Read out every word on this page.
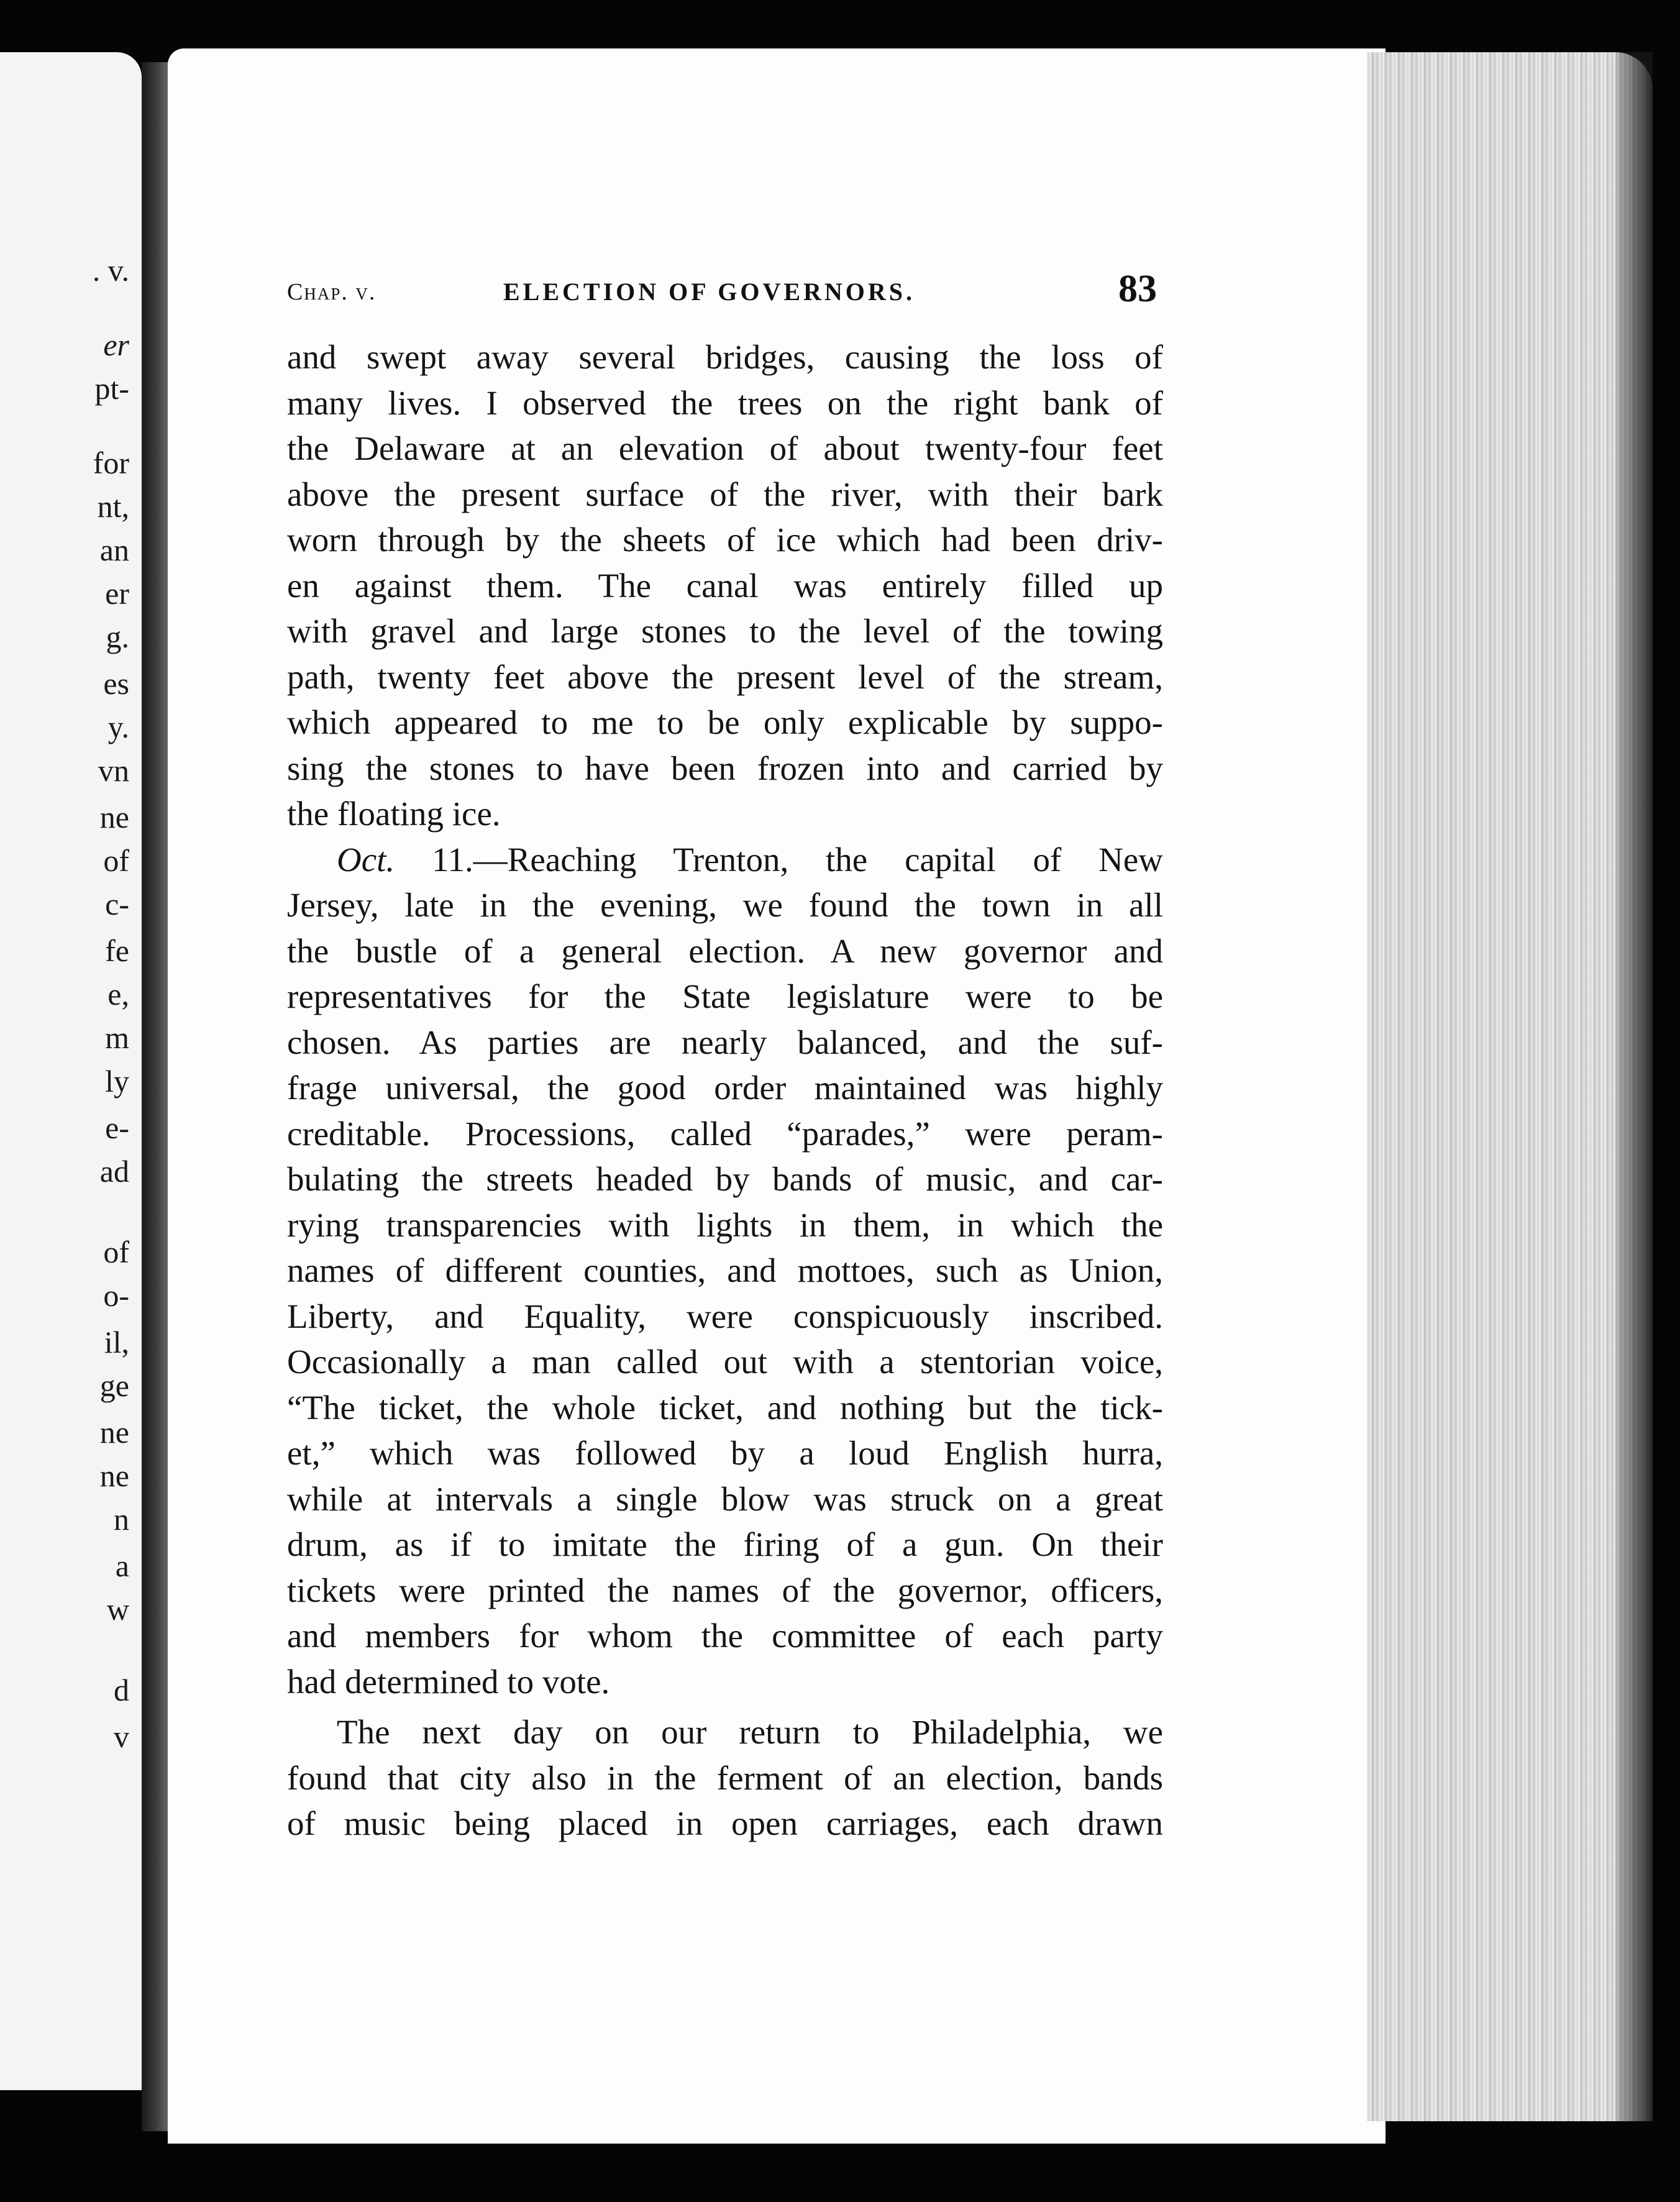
. v.
er
pt-
for
nt,
an
er
g.
es
y.
vn
ne
of
c-
fe
e,
m
ly
e-
ad
of
o-
il,
ge
ne
ne
n
a
w
d
v
Chap. v.	ELECTION OF GOVERNORS.	83
and swept away several bridges, causing the loss of
many lives. I observed the trees on the right bank of
the Delaware at an elevation of about twenty-four feet
above the present surface of the river, with their bark
worn through by the sheets of ice which had been driv-
en against them. The canal was entirely filled up
with gravel and large stones to the level of the towing
path, twenty feet above the present level of the stream,
which appeared to me to be only explicable by suppo-
sing the stones to have been frozen into and carried by
the floating ice.
Oct. 11.—Reaching Trenton, the capital of New
Jersey, late in the evening, we found the town in all
the bustle of a general election. A new governor and
representatives for the State legislature were to be
chosen. As parties are nearly balanced, and the suf-
frage universal, the good order maintained was highly
creditable. Processions, called “parades,” were peram-
bulating the streets headed by bands of music, and car-
rying transparencies with lights in them, in which the
names of different counties, and mottoes, such as Union,
Liberty, and Equality, were conspicuously inscribed.
Occasionally a man called out with a stentorian voice,
“The ticket, the whole ticket, and nothing but the tick-
et,” which was followed by a loud English hurra,
while at intervals a single blow was struck on a great
drum, as if to imitate the firing of a gun. On their
tickets were printed the names of the governor, officers,
and members for whom the committee of each party
had determined to vote.
The next day on our return to Philadelphia, we
found that city also in the ferment of an election, bands
of music being placed in open carriages, each drawn
